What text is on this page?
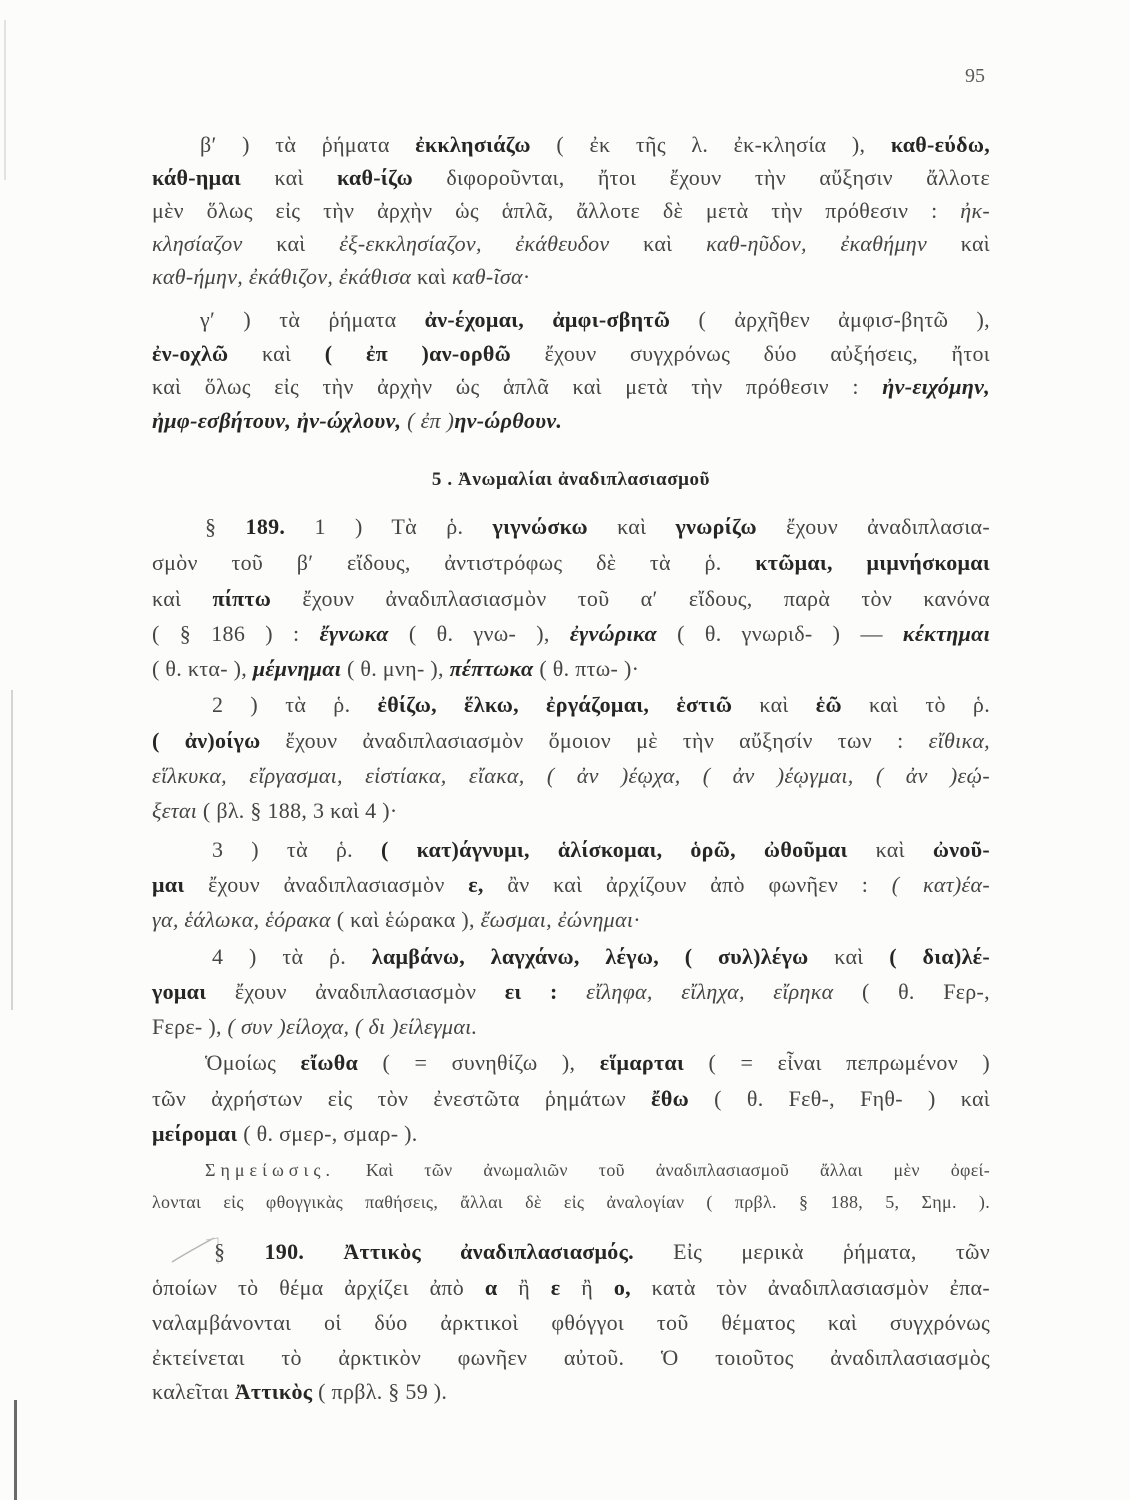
95
β′ ) τὰ ῥήματα ἐκκλησιάζω ( ἐκ τῆς λ. ἐκ-κλησία ), καθ-εύδω,
κάθ-ημαι καὶ καθ-ίζω διφοροῦνται, ἤτοι ἔχουν τὴν αὔξησιν ἄλλοτε
μὲν ὅλως εἰς τὴν ἀρχὴν ὡς ἁπλᾶ, ἄλλοτε δὲ μετὰ τὴν πρόθεσιν : ἠκ-
κλησίαζον καὶ ἐξ-εκκλησίαζον, ἐκάθευδον καὶ καθ-ηῦδον, ἐκαθήμην καὶ
καθ-ήμην, ἐκάθιζον, ἐκάθισα καὶ καθ-ῖσα·
γ′ ) τὰ ῥήματα ἀν-έχομαι, ἀμφι-σβητῶ ( ἀρχῆθεν ἀμφισ-βητῶ ),
ἐν-οχλῶ καὶ ( ἐπ )αν-ορθῶ ἔχουν συγχρόνως δύο αὐξήσεις, ἤτοι
καὶ ὅλως εἰς τὴν ἀρχὴν ὡς ἁπλᾶ καὶ μετὰ τὴν πρόθεσιν : ἠν-ειχόμην,
ἠμφ-εσβήτουν, ἠν-ώχλουν, ( ἐπ )ην-ώρθουν.
5 . Ἀνωμαλίαι ἀναδιπλασιασμοῦ
§ 189. 1 ) Τὰ ῥ. γιγνώσκω καὶ γνωρίζω ἔχουν ἀναδιπλασια-
σμὸν τοῦ β′ εἴδους, ἀντιστρόφως δὲ τὰ ῥ. κτῶμαι, μιμνήσκομαι
καὶ πίπτω ἔχουν ἀναδιπλασιασμὸν τοῦ α′ εἴδους, παρὰ τὸν κανόνα
( § 186 ) : ἔγνωκα ( θ. γνω- ), ἐγνώρικα ( θ. γνωριδ- ) — κέκτημαι
( θ. κτα- ), μέμνημαι ( θ. μνη- ), πέπτωκα ( θ. πτω- )·
2 ) τὰ ῥ. ἐθίζω, ἕλκω, ἐργάζομαι, ἑστιῶ καὶ ἑῶ καὶ τὸ ῥ.
( ἀν)οίγω ἔχουν ἀναδιπλασιασμὸν ὅμοιον μὲ τὴν αὔξησίν των : εἴθικα,
εἵλκυκα, εἴργασμαι, εἱστίακα, εἴακα, ( ἀν )έῳχα, ( ἀν )έῳγμαι, ( ἀν )εῴ-
ξεται ( βλ. § 188, 3 καὶ 4 )·
3 ) τὰ ῥ. ( κατ)άγνυμι, ἁλίσκομαι, ὁρῶ, ὠθοῦμαι καὶ ὠνοῦ-
μαι ἔχουν ἀναδιπλασιασμὸν ε, ἂν καὶ ἀρχίζουν ἀπὸ φωνῆεν : ( κατ)έα-
γα, ἑάλωκα, ἑόρακα ( καὶ ἑώρακα ), ἔωσμαι, ἐώνημαι·
4 ) τὰ ῥ. λαμβάνω, λαγχάνω, λέγω, ( συλ)λέγω καὶ ( δια)λέ-
γομαι ἔχουν ἀναδιπλασιασμὸν ει : εἴληφα, εἴληχα, εἴρηκα ( θ. Fερ-,
Fερε- ), ( συν )είλοχα, ( δι )είλεγμαι.
Ὁμοίως εἴωθα ( = συνηθίζω ), εἵμαρται ( = εἶναι πεπρωμένον )
τῶν ἀχρήστων εἰς τὸν ἐνεστῶτα ῥημάτων ἔθω ( θ. Fεθ-, Fηθ- ) καὶ
μείρομαι ( θ. σμερ-, σμαρ- ).
Σημείωσις. Καὶ τῶν ἀνωμαλιῶν τοῦ ἀναδιπλασιασμοῦ ἄλλαι μὲν ὀφεί-
λονται εἰς φθογγικὰς παθήσεις, ἄλλαι δὲ εἰς ἀναλογίαν ( πρβλ. § 188, 5, Σημ. ).
§ 190. Ἀττικὸς ἀναδιπλασιασμός. Εἰς μερικὰ ῥήματα, τῶν
ὁποίων τὸ θέμα ἀρχίζει ἀπὸ α ἢ ε ἢ ο, κατὰ τὸν ἀναδιπλασιασμὸν ἐπα-
ναλαμβάνονται οἱ δύο ἀρκτικοὶ φθόγγοι τοῦ θέματος καὶ συγχρόνως
ἐκτείνεται τὸ ἀρκτικὸν φωνῆεν αὐτοῦ. Ὁ τοιοῦτος ἀναδιπλασιασμὸς
καλεῖται Ἀττικὸς ( πρβλ. § 59 ).
